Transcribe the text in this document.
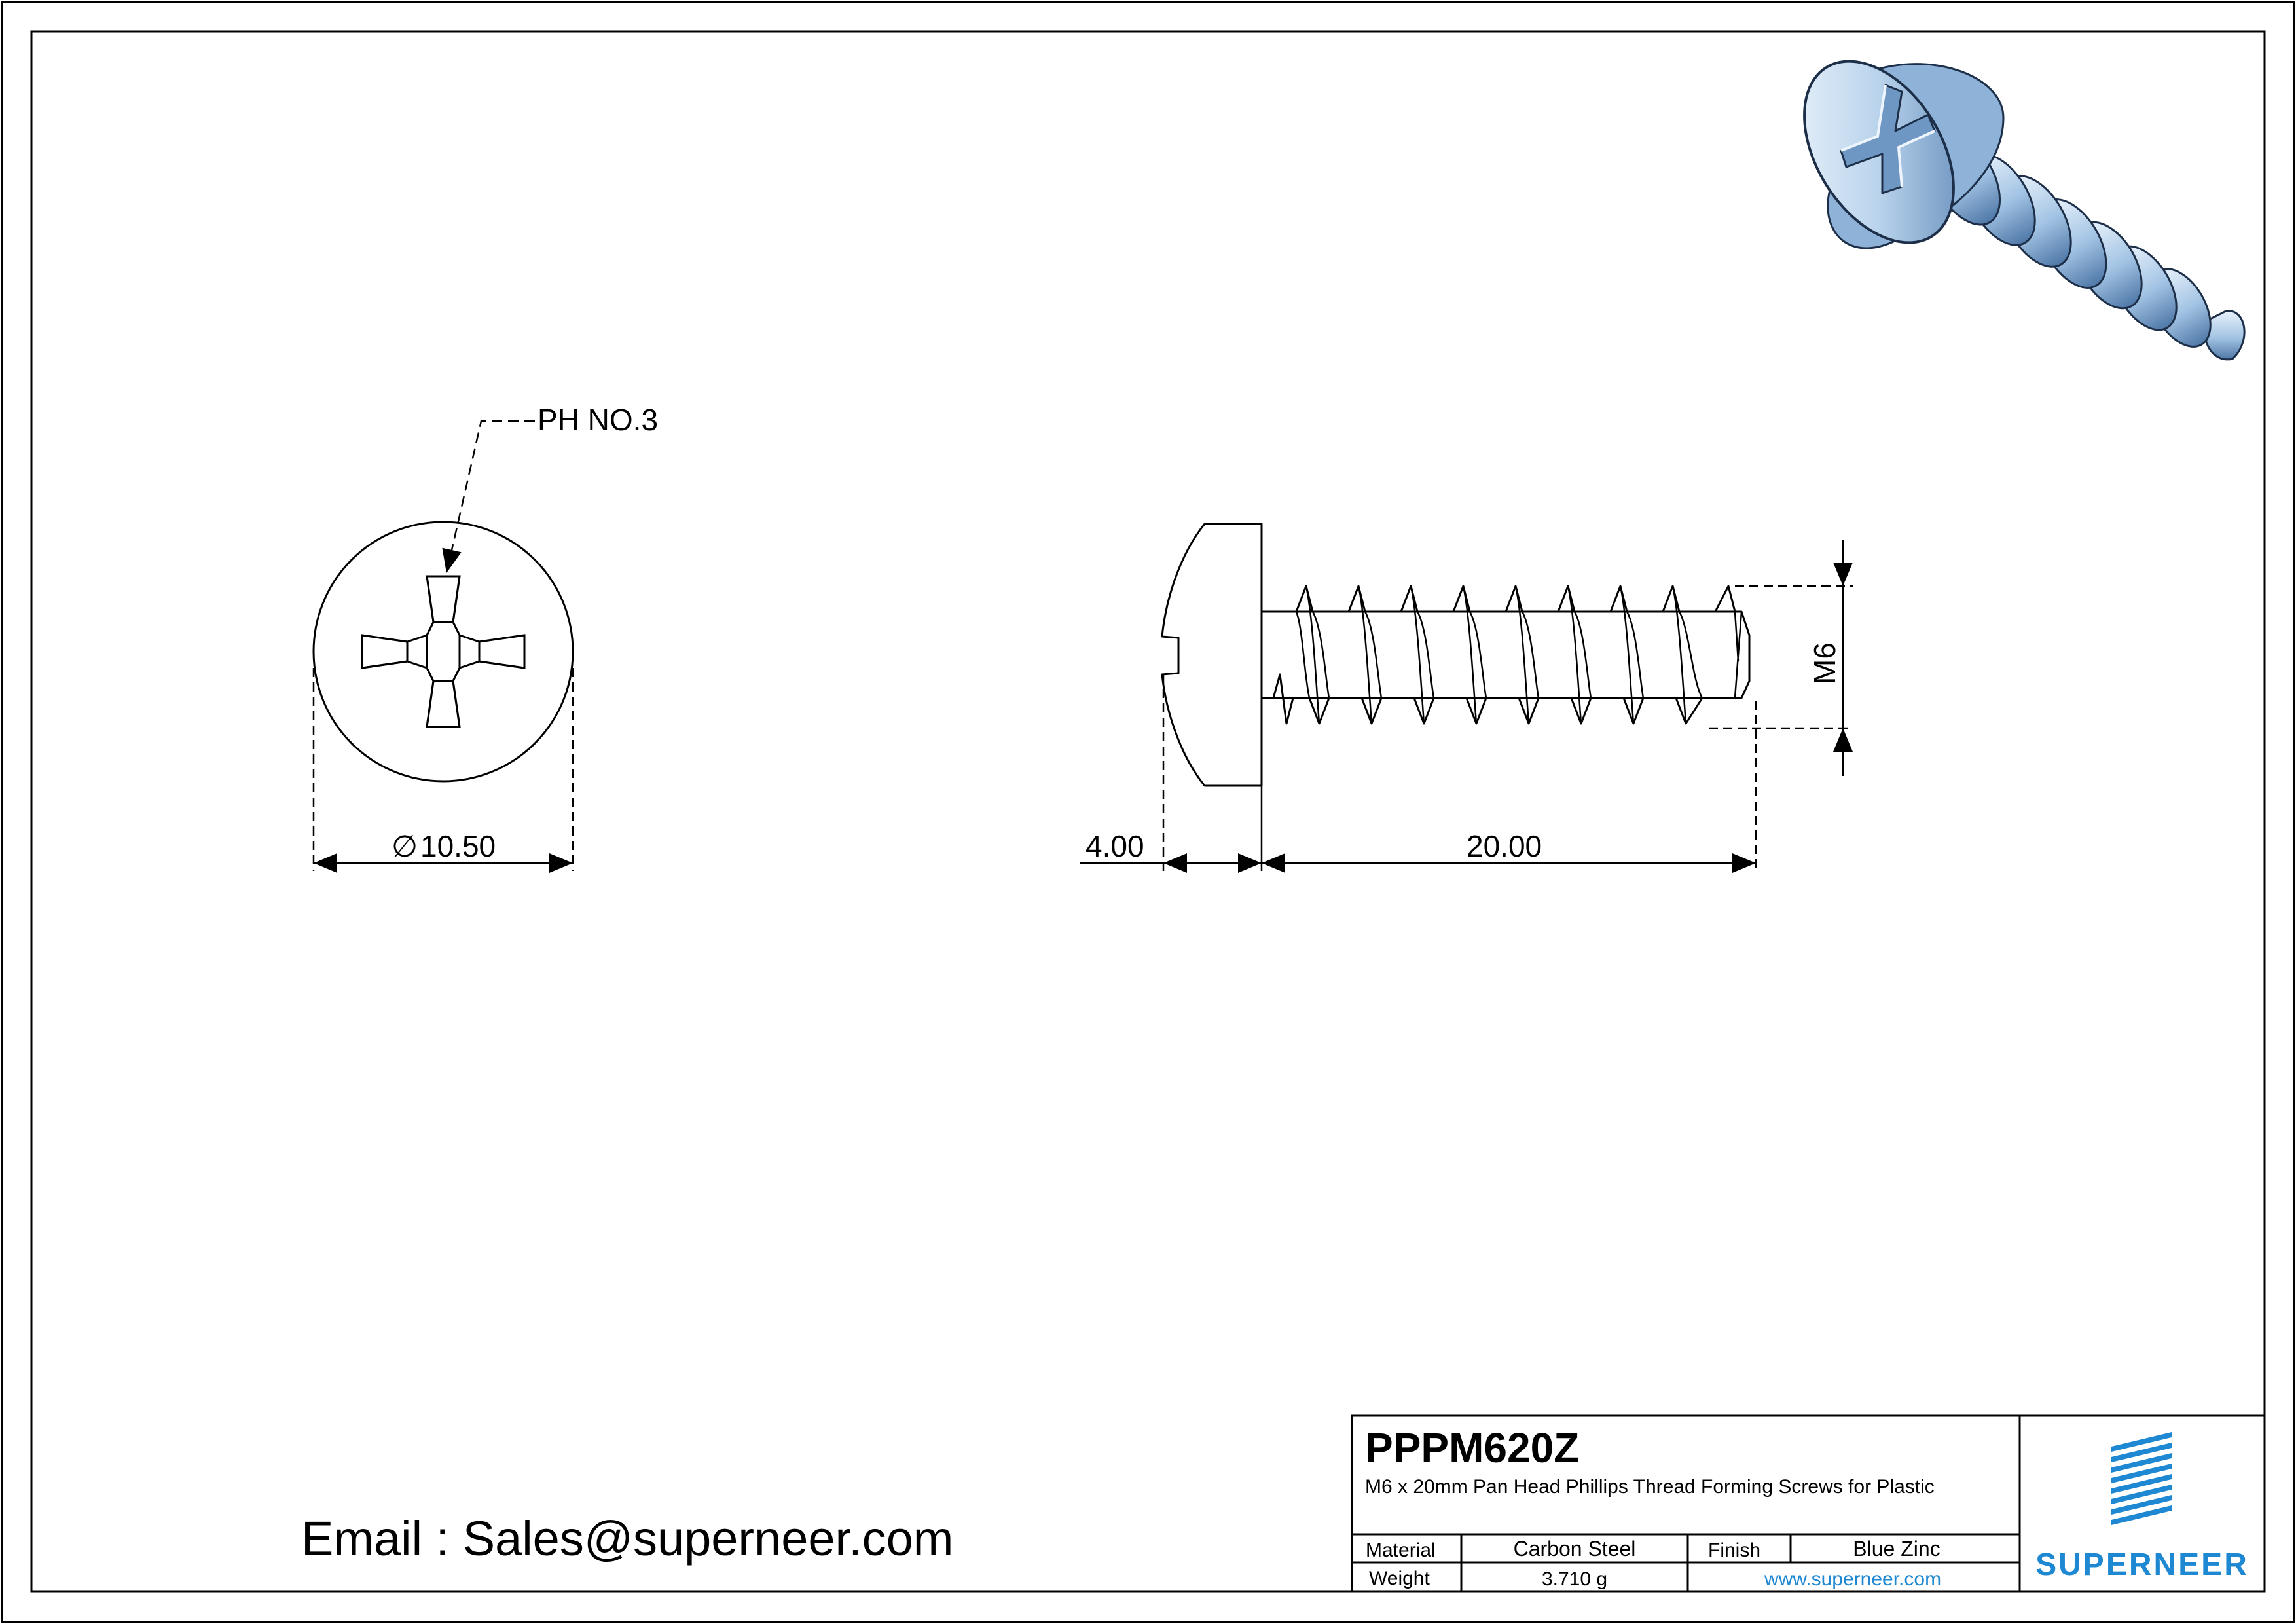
PH NO.3
∅ 10.50	4.00	20.00
M6
Email : Sales@superneer.com
PPPM620Z
M6 x 20mm Pan Head Phillips Thread Forming Screws for Plastic
Material	Carbon Steel	Finish	Blue Zinc
Weight	3.710 g	www.superneer.com	SUPERNEER
